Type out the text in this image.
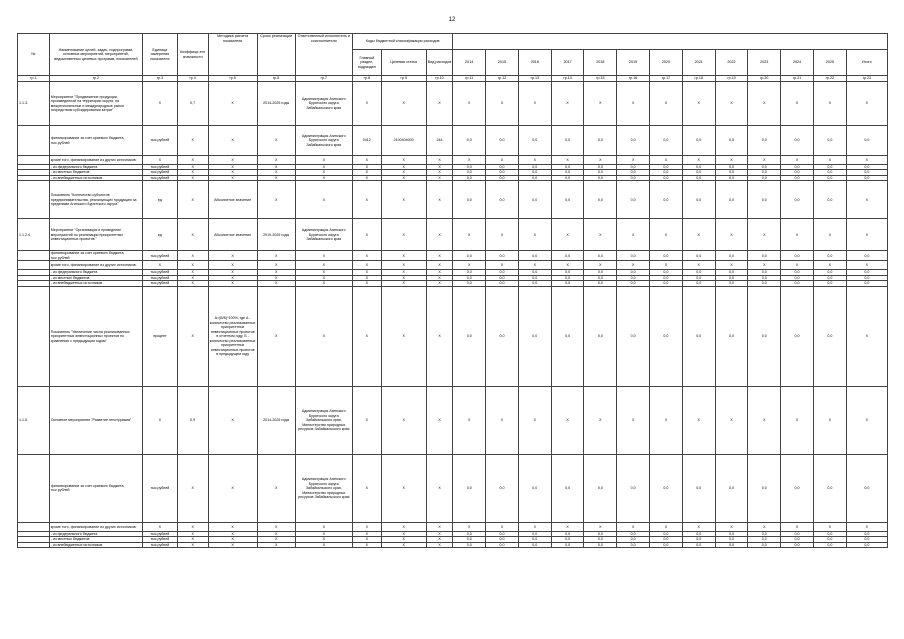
12
№	Наименование целей, задач, подпрограмм, основных мероприятий, мероприятий, ведомственных целевых программ, показателей	Единица измерения показателя	Коэффици-ент значимости	Методика расчета показателя	Сроки реализации	Ответственный исполнитель и соисполнители	Коды бюджетной классификации расходов															
							Главный раздел, подраздел	Целевая статья	Вид расходов	2014	2015	2016	2017	2018	2019	2020	2021	2022	2023	2024	2025	Итого
гр.1	гр.2	гр.3	гр.4	гр.5	гр.6	гр.7	гр.8	гр.9	гр.10	гр.11	гр.12	гр.13	гр.14	гр.15	гр.16	гр.17	гр.18	гр.19	гр.20	гр.21	гр.22	гр.23
1.1.3.	Мероприятие "Продвижение продукции, произведенной на территории округа, на межрегиональные и международные рынки посредством субсидирования затрат"	Х	0,7	Х	2014-2025 годы	Администрация Агинского Бурятского округа Забайкальского края	Х	Х	Х	Х	Х	Х	Х	Х	Х	Х	Х	Х	Х	Х	Х	Х
	финансирование за счет краевого бюджета, тыс.рублей	тыс.рублей	Х	Х	Х	Администрация Агинского Бурятского округа Забайкальского края	0412	2100404000	244	0,0	0,0	0,0	0,0	0,0	0,0	0,0	0,0	0,0	0,0	0,0	0,0	0,0
	кроме того, финансирование из других источников:	Х	Х	Х	Х	Х	Х	Х	Х	Х	Х	Х	Х	Х	Х	Х	Х	Х	Х	Х	Х	Х
	- из федерального бюджета	тыс.рублей	Х	Х	Х	Х	Х	Х	Х	0,0	0,0	0,0	0,0	0,0	0,0	0,0	0,0	0,0	0,0	0,0	0,0	0,0
	- из местных бюджетов	тыс.рублей	Х	Х	Х	Х	Х	Х	Х	0,0	0,0	0,0	0,0	0,0	0,0	0,0	0,0	0,0	0,0	0,0	0,0	0,0
	- из внебюджетных источников	тыс.рублей	Х	Х	Х	Х	Х	Х	Х	0,0	0,0	0,0	0,0	0,0	0,0	0,0	0,0	0,0	0,0	0,0	0,0	0,0
	Показатель "Количество субъектов предпринимательства, реализующих продукцию за пределами Агинского Бурятского округа"	ед	Х	Абсолютное значение	Х	Х	Х	Х	Х	0,0	0,0	0,0	0,0	0,0	0,0	0,0	0,0	0,0	0,0	0,0	0,0	Х
1.1.2.4.	Мероприятие "Организация и проведение мероприятий по реализации приоритетных инвестиционных проектов "	ед	Х	Абсолютное значение	2019-2025 годы	Администрация Агинского Бурятского округа Забайкальского края	Х	Х	Х	Х	Х	Х	Х	Х	Х	Х	Х	Х	Х	Х	Х	Х
	финансирование за счет краевого бюджета, тыс.рублей	тыс.рублей	Х	Х	Х	Х	Х	Х	Х	0,0	0,0	0,0	0,0	0,0	0,0	0,0	0,0	0,0	0,0	0,0	0,0	0,0
	кроме того, финансирование из других источников:	Х	Х	Х	Х	Х	Х	Х	Х	Х	Х	Х	Х	Х	Х	Х	Х	Х	Х	Х	Х	Х
	- из федерального бюджета	тыс.рублей	Х	Х	Х	Х	Х	Х	Х	0,0	0,0	0,0	0,0	0,0	0,0	0,0	0,0	0,0	0,0	0,0	0,0	0,0
	- из местных бюджетов	тыс.рублей	Х	Х	Х	Х	Х	Х	Х	0,0	0,0	0,0	0,0	0,0	0,0	0,0	0,0	0,0	0,0	0,0	0,0	0,0
	- из внебюджетных источников	тыс.рублей	Х	Х	Х	Х	Х	Х	Х	0,0	0,0	0,0	0,0	0,0	0,0	0,0	0,0	0,0	0,0	0,0	0,0	0,0
	Показатель "Увеличение числа реализованных приоритетных инвестиционных проектов по сравнению с предыдущим годом"	процент	Х	А=(В/Б)*100%, где А - количество реализованных приоритетных инвестиционных проектов в отчетном году, Б - количество реализованных приоритетных инвестиционных проектов в предыдущем году	Х	Х	Х	Х	Х	0,0	0,0	0,0	0,0	0,0	0,0	0,0	0,0	0,0	0,0	0,0	0,0	Х
1.1.5.	Основное мероприятие "Развитие этнотуризма"	Х	0,9	Х	2014-2025 годы	Администрация Агинского Бурятского округа Забайкальского края, Министерство природных ресурсов Забайкальского края	Х	Х	Х	Х	Х	Х	Х	Х	Х	Х	Х	Х	Х	Х	Х	Х
	финансирование за счет краевого бюджета, тыс.рублей	тыс.рублей	Х	Х	Х	Администрация Агинского Бурятского округа Забайкальского края, Министерство природных ресурсов Забайкальского края	Х	Х	Х	0,0	0,0	0,0	0,0	0,0	0,0	0,0	0,0	0,0	0,0	0,0	0,0	0,0
	кроме того, финансирование из других источников:	Х	Х	Х	Х	Х	Х	Х	Х	Х	Х	Х	Х	Х	Х	Х	Х	Х	Х	Х	Х	Х
	- из федерального бюджета	тыс.рублей	Х	Х	Х	Х	Х	Х	Х	0,0	0,0	0,0	0,0	0,0	0,0	0,0	0,0	0,0	0,0	0,0	0,0	0,0
	- из местных бюджетов	тыс.рублей	Х	Х	Х	Х	Х	Х	Х	0,0	0,0	0,0	0,0	0,0	0,0	0,0	0,0	0,0	0,0	0,0	0,0	0,0
	- из внебюджетных источников	тыс.рублей	Х	Х	Х	Х	Х	Х	Х	0,0	0,0	0,0	0,0	0,0	0,0	0,0	0,0	0,0	0,0	0,0	0,0	0,0
